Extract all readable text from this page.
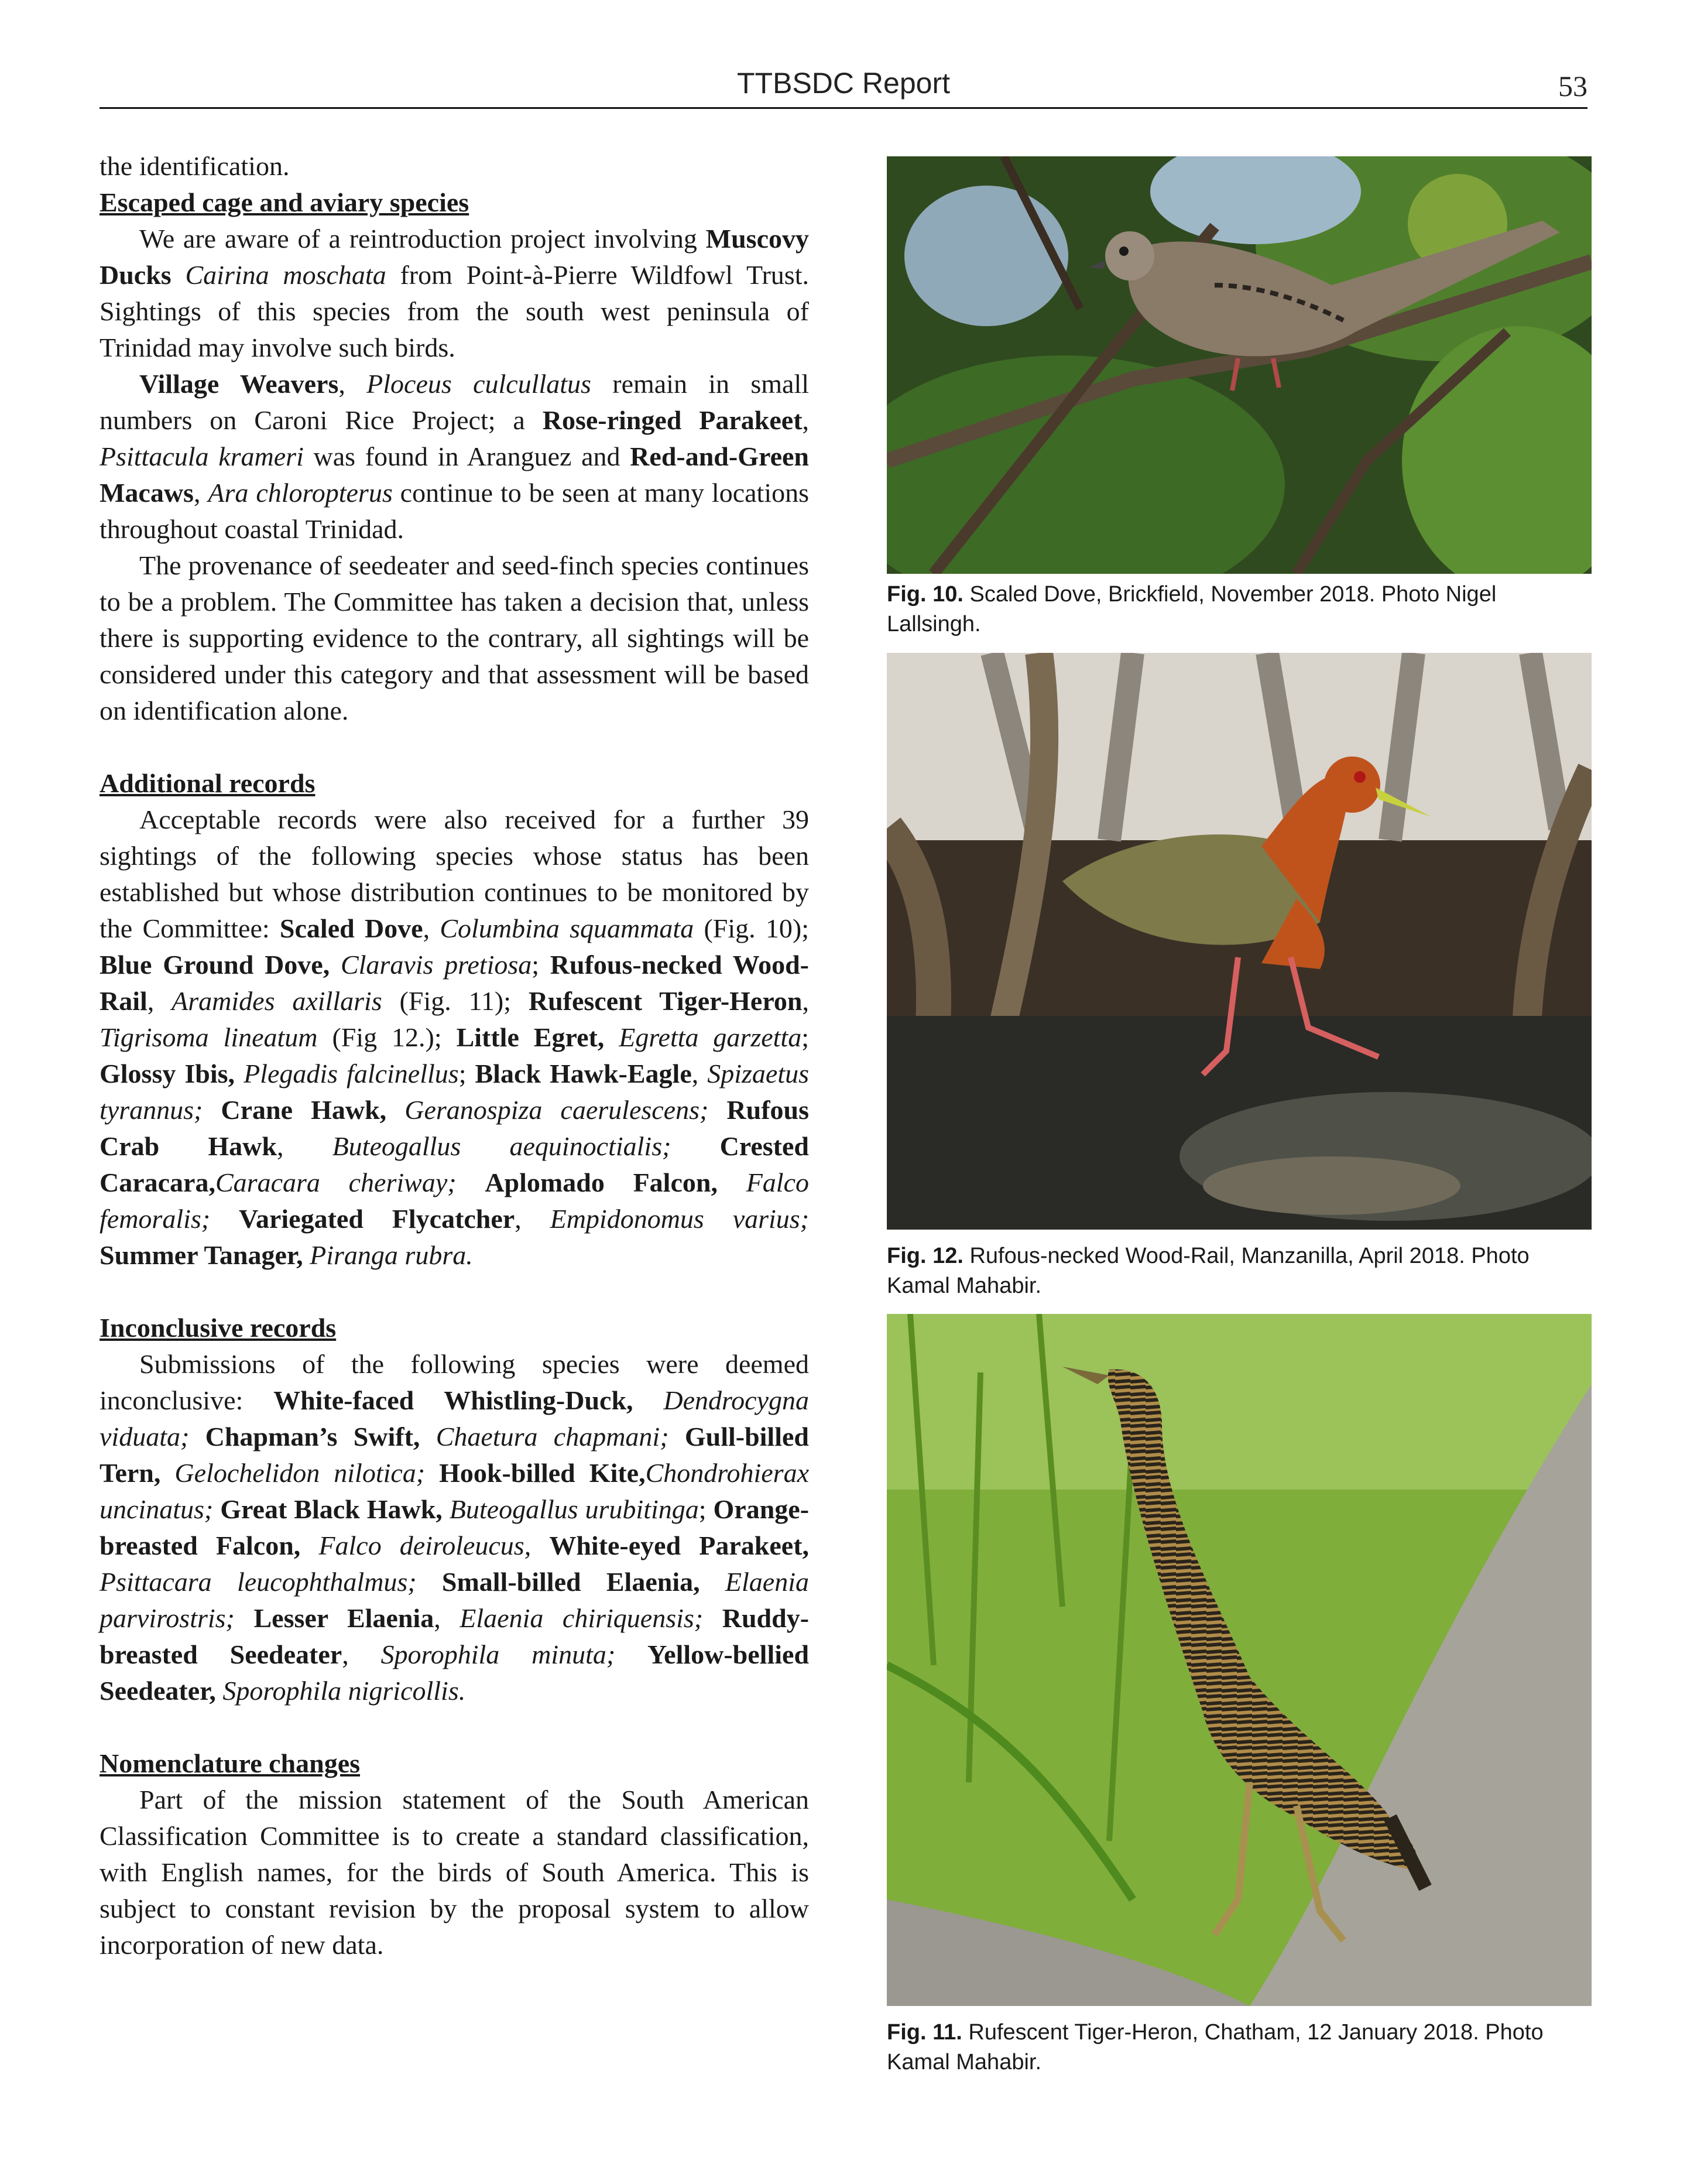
TTBSDC Report	53

the identification.

Escaped cage and aviary species

We are aware of a reintroduction project involving Muscovy Ducks Cairina moschata from Point-à-Pierre Wildfowl Trust. Sightings of this species from the south west peninsula of Trinidad may involve such birds.

Village Weavers, Ploceus culcullatus remain in small numbers on Caroni Rice Project; a Rose-ringed Parakeet, Psittacula krameri was found in Aranguez and Red-and-Green Macaws, Ara chloropterus continue to be seen at many locations throughout coastal Trinidad.

The provenance of seedeater and seed-finch species continues to be a problem. The Committee has taken a decision that, unless there is supporting evidence to the contrary, all sightings will be considered under this category and that assessment will be based on identification alone.

Additional records

Acceptable records were also received for a further 39 sightings of the following species whose status has been established but whose distribution continues to be monitored by the Committee: Scaled Dove, Columbina squammata (Fig. 10); Blue Ground Dove, Claravis pretiosa; Rufous-necked Wood-Rail, Aramides axillaris (Fig. 11); Rufescent Tiger-Heron, Tigrisoma lineatum (Fig 12.); Little Egret, Egretta garzetta; Glossy Ibis, Plegadis falcinellus; Black Hawk-Eagle, Spizaetus tyrannus; Crane Hawk, Geranospiza caerulescens; Rufous Crab Hawk, Buteogallus aequinoctialis; Crested Caracara,Caracara cheriway; Aplomado Falcon, Falco femoralis; Variegated Flycatcher, Empidonomus varius; Summer Tanager, Piranga rubra.

Inconclusive records

Submissions of the following species were deemed inconclusive: White-faced Whistling-Duck, Dendrocygna viduata; Chapman’s Swift, Chaetura chapmani; Gull-billed Tern, Gelochelidon nilotica; Hook-billed Kite,Chondrohierax uncinatus; Great Black Hawk, Buteogallus urubitinga; Orange-breasted Falcon, Falco deiroleucus, White-eyed Parakeet, Psittacara leucophthalmus; Small-billed Elaenia, Elaenia parvirostris; Lesser Elaenia, Elaenia chiriquensis; Ruddy-breasted Seedeater, Sporophila minuta; Yellow-bellied Seedeater, Sporophila nigricollis.

Nomenclature changes

Part of the mission statement of the South American Classification Committee is to create a standard classification, with English names, for the birds of South America. This is subject to constant revision by the proposal system to allow incorporation of new data.

Fig. 10. Scaled Dove, Brickfield, November 2018. Photo Nigel Lallsingh.
Fig. 12. Rufous-necked Wood-Rail, Manzanilla, April 2018. Photo Kamal Mahabir.
Fig. 11. Rufescent Tiger-Heron, Chatham, 12 January 2018. Photo Kamal Mahabir.
